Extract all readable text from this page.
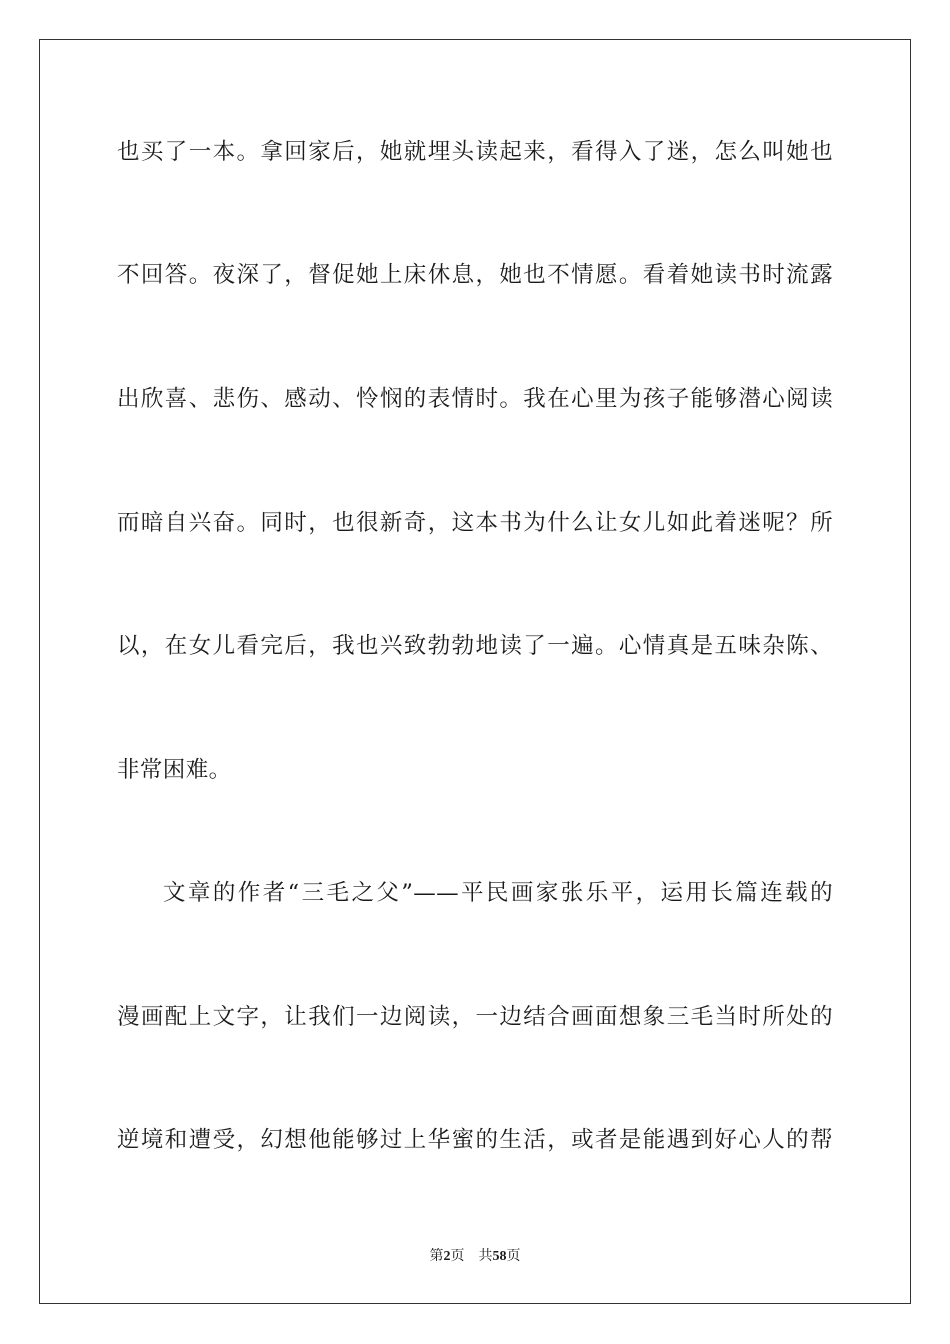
也买了一本。拿回家后，她就埋头读起来，看得入了迷，怎么叫她也
不回答。夜深了，督促她上床休息，她也不情愿。看着她读书时流露
出欣喜、悲伤、感动、怜悯的表情时。我在心里为孩子能够潜心阅读
而暗自兴奋。同时，也很新奇，这本书为什么让女儿如此着迷呢？所
以，在女儿看完后，我也兴致勃勃地读了一遍。心情真是五味杂陈、
非常困难。
文章的作者“三毛之父”——平民画家张乐平，运用长篇连载的
漫画配上文字，让我们一边阅读，一边结合画面想象三毛当时所处的
逆境和遭受，幻想他能够过上华蜜的生活，或者是能遇到好心人的帮
第2页 共58页
